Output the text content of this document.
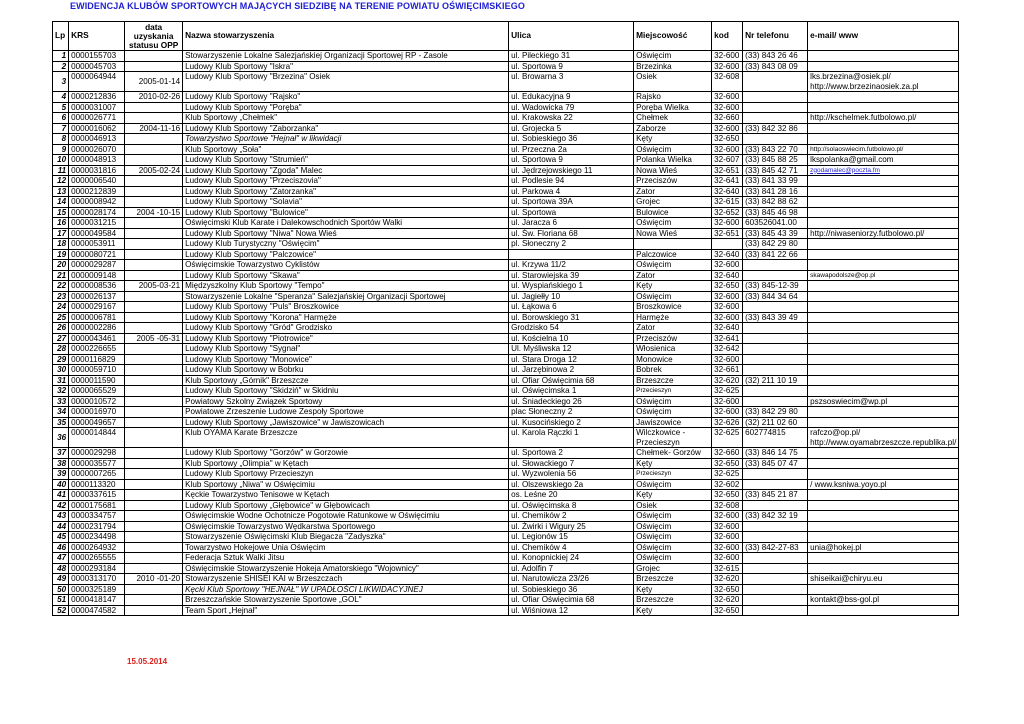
EWIDENCJA KLUBÓW SPORTOWYCH MAJĄCYCH SIEDZIBĘ NA TERENIE POWIATU OŚWIĘCIMSKIEGO
Lp	KRS	data uzyskania statusu OPP	Nazwa stowarzyszenia	Ulica	Miejscowość	kod	Nr telefonu	e-mail/ www
1	0000155703		Stowarzyszenie Lokalne Salezjańskiej Organizacji Sportowej RP - Zasole	ul. Pileckiego 31	Oświęcim	32-600	(33) 843 26 46	
2	0000045703		Ludowy Klub Sportowy "Iskra"	ul. Sportowa 9	Brzezinka	32-600	(33) 843 08 09	
3	0000064944	2005-01-14	Ludowy Klub Sportowy "Brzezina" Osiek	ul. Browarna 3	Osiek	32-608		lks.brzezina@osiek.pl/
http://www.brzezinaosiek.za.pl
4	0000212836	2010-02-26	Ludowy Klub Sportowy "Rajsko"	ul. Edukacyjna 9	Rajsko	32-600		
5	0000031007		Ludowy Klub Sportowy "Poręba"	ul. Wadowicka 79	Poręba Wielka	32-600		
6	0000026771		Klub Sportowy „Chełmek"	ul. Krakowska 22	Chełmek	32-660		http://kschelmek.futbolowo.pl/
7	0000016062	2004-11-16	Ludowy Klub Sportowy "Zaborzanka"	ul. Grojecka 5	Zaborze	32-600	(33) 842 32 86	
8	0000046913		Towarzystwo Sportowe "Hejnał" w likwidacji	ul. Sobieskiego 36	Kęty	32-650		
9	0000026070		Klub Sportowy „Soła"	ul. Przeczna 2a	Oświęcim	32-600	(33) 843 22 70	http://solaoswiecim.futbolowo.pl/
10	0000048913		Ludowy Klub Sportowy "Strumień"	ul. Sportowa 9	Polanka Wielka	32-607	(33) 845 88 25	lkspolanka@gmail.com
11	0000031816	2005-02-24	Ludowy Klub Sportowy "Zgoda" Malec	ul. Jędrzejowskiego 11	Nowa Wieś	32-651	(33) 845 42 71	zgodamalec@poczta.fm
12	0000006540		Ludowy Klub Sportowy "Przeciszovia"	ul. Podlesie 94	Przeciszów	32-641	(33) 841 33 99	
13	0000212839		Ludowy Klub Sportowy "Zatorzanka"	ul. Parkowa 4	Zator	32-640	(33) 841 28 16	
14	0000008942		Ludowy Klub Sportowy "Solavia"	ul. Sportowa 39A	Grojec	32-615	(33) 842 88 62	
15	0000028174	2004 -10-15	Ludowy Klub Sportowy "Bulowice"	ul. Sportowa	Bulowice	32-652	(33) 845 46 98	
16	0000031215		Oświęcimski Klub Karate i Dalekowschodnich Sportów Walki	ul. Jaracza 6	Oświęcim	32-600	603526041.00	
17	0000049584		Ludowy Klub Sportowy "Niwa" Nowa Wieś	ul. Św. Floriana 68	Nowa Wieś	32-651	(33) 845 43 39	http://niwaseniorzy.futbolowo.pl/
18	0000053911		Ludowy Klub Turystyczny "Oświęcim"	pl. Słoneczny 2			(33) 842 29 80	
19	0000080721		Ludowy Klub Sportowy "Palczowice"		Palczowice	32-640	(33) 841 22 66	
20	0000029287		Oświęcimskie Towarzystwo Cyklistów	ul. Krzywa 11/2	Oświęcim	32-600		
21	0000009148		Ludowy Klub Sportowy "Skawa"	ul. Starowiejska 39	Zator	32-640		skawapodolsze@op.pl
22	0000008536	2005-03-21	Międzyszkolny Klub Sportowy "Tempo"	ul. Wyspiańskiego 1	Kęty	32-650	(33) 845-12-39	
23	0000026137		Stowarzyszenie Lokalne "Speranza" Salezjańskiej Organizacji Sportowej	ul. Jagiełły 10	Oświęcim	32-600	(33) 844 34 64	
24	0000029167		Ludowy Klub Sportowy "Puls" Broszkowice	ul. Łąkowa 6	Broszkowice	32-600		
25	0000006781		Ludowy Klub Sportowy "Korona" Harmęże	ul. Borowskiego 31	Harmęże	32-600	(33) 843 39 49	
26	0000002286		Ludowy Klub Sportowy "Gród" Grodzisko	Grodzisko 54	Zator	32-640		
27	0000043461	2005 -05-31	Ludowy Klub Sportowy "Piotrowice"	ul. Kościelna 10	Przeciszów	32-641		
28	0000226655		Ludowy Klub Sportowy "Sygnał"	Ul. Myśliwska 12	Włosienica	32-642		
29	0000116829		Ludowy Klub Sportowy "Monowice"	ul. Stara Droga 12	Monowice	32-600		
30	0000059710		Ludowy Klub Sportowy w Bobrku	ul. Jarzębinowa 2	Bobrek	32-661		
31	0000011590		Klub Sportowy „Górnik" Brzeszcze	ul. Ofiar Oświęcimia 68	Brzeszcze	32-620	(32) 211 10 19	
32	0000065529		Ludowy Klub Sportowy "Skidziń" w Skidniu	ul. Oświęcimska 1	Przecieszyn	32-625		
33	0000010572		Powiatowy Szkolny Związek Sportowy	ul. Śniadeckiego 26	Oświęcim	32-600		pszsoswiecim@wp.pl
34	0000016970		Powiatowe Zrzeszenie Ludowe Zespoły Sportowe	plac Słoneczny 2	Oświęcim	32-600	(33) 842 29 80	
35	0000049657		Ludowy Klub Sportowy „Jawiszowice" w Jawiszowicach	ul. Kusocińskiego 2	Jawiszowice	32-626	(32) 211 02 60	
36	0000014844		Klub OYAMA Karate Brzeszcze	ul. Karola Rączki 1	Wilczkowice -
Przecieszyn	32-625	602774815	rafczo@op.pl/
http://www.oyamabrzeszcze.republika.pl/
37	0000029298		Ludowy Klub Sportowy "Gorzów" w Gorzowie	ul. Sportowa 2	Chełmek- Gorzów	32-660	(33) 846 14 75	
38	0000035577		Klub Sportowy „Olimpia" w Kętach	ul. Słowackiego 7	Kęty	32-650	(33) 845 07 47	
39	0000007265		Ludowy Klub Sportowy Przecieszyn	ul. Wyzwolenia 56	Przecieszyn	32-625		
40	0000113320		Klub Sportowy „Niwa" w Oświęcimiu	ul. Olszewskiego 2a	Oświęcim	32-602		/ www.ksniwa.yoyo.pl
41	0000337615		Kęckie Towarzystwo Tenisowe w Kętach	os. Leśne 20	Kęty	32-650	(33) 845 21 87	
42	0000175681		Ludowy Klub Sportowy „Głębowice" w Głębowicach	ul. Oświęcimska 8	Osiek	32-608		
43	0000334757		Oświęcimskie Wodne Ochotnicze Pogotowie Ratunkowe w Oświęcimiu	ul. Chemików 2	Oświęcim	32-600	(33) 842 32 19	
44	0000231794		Oświęcimskie Towarzystwo Wędkarstwa Sportowego	ul. Żwirki i Wigury 25	Oświęcim	32-600		
45	0000234498		Stowarzyszenie Oświęcimski Klub Biegacza "Zadyszka"	ul. Legionów 15	Oświęcim	32-600		
46	0000264932		Towarzystwo Hokejowe Unia Oświęcim	ul. Chemików 4	Oświęcim	32-600	(33) 842-27-83	unia@hokej.pl
47	0000265555		Federacja Sztuk Walki Jitsu	ul. Konopnickiej 24	Oświęcim	32-600		
48	0000293184		Oświęcimskie Stowarzyszenie Hokeja Amatorskiego "Wojownicy"	ul. Adolfin 7	Grojec	32-615		
49	0000313170	2010 -01-20	Stowarzyszenie SHISEI KAI w Brzeszczach	ul. Narutowicza 23/26	Brzeszcze	32-620		shiseikai@chiryu.eu
50	0000325189		Kęcki Klub Sportowy "HEJNAŁ" W UPADŁOŚCI LIKWIDACYJNEJ	ul. Sobieskiego 36	Kęty	32-650		
51	0000418147		Brzeszczańskie Stowarzyszenie Sportowe „GOL"	ul. Ofiar Oświęcimia 68	Brzeszcze	32-620		kontakt@bss-gol.pl
52	0000474582		Team Sport „Hejnał"	ul. Wiśniowa 12	Kęty	32-650		
15.05.2014
